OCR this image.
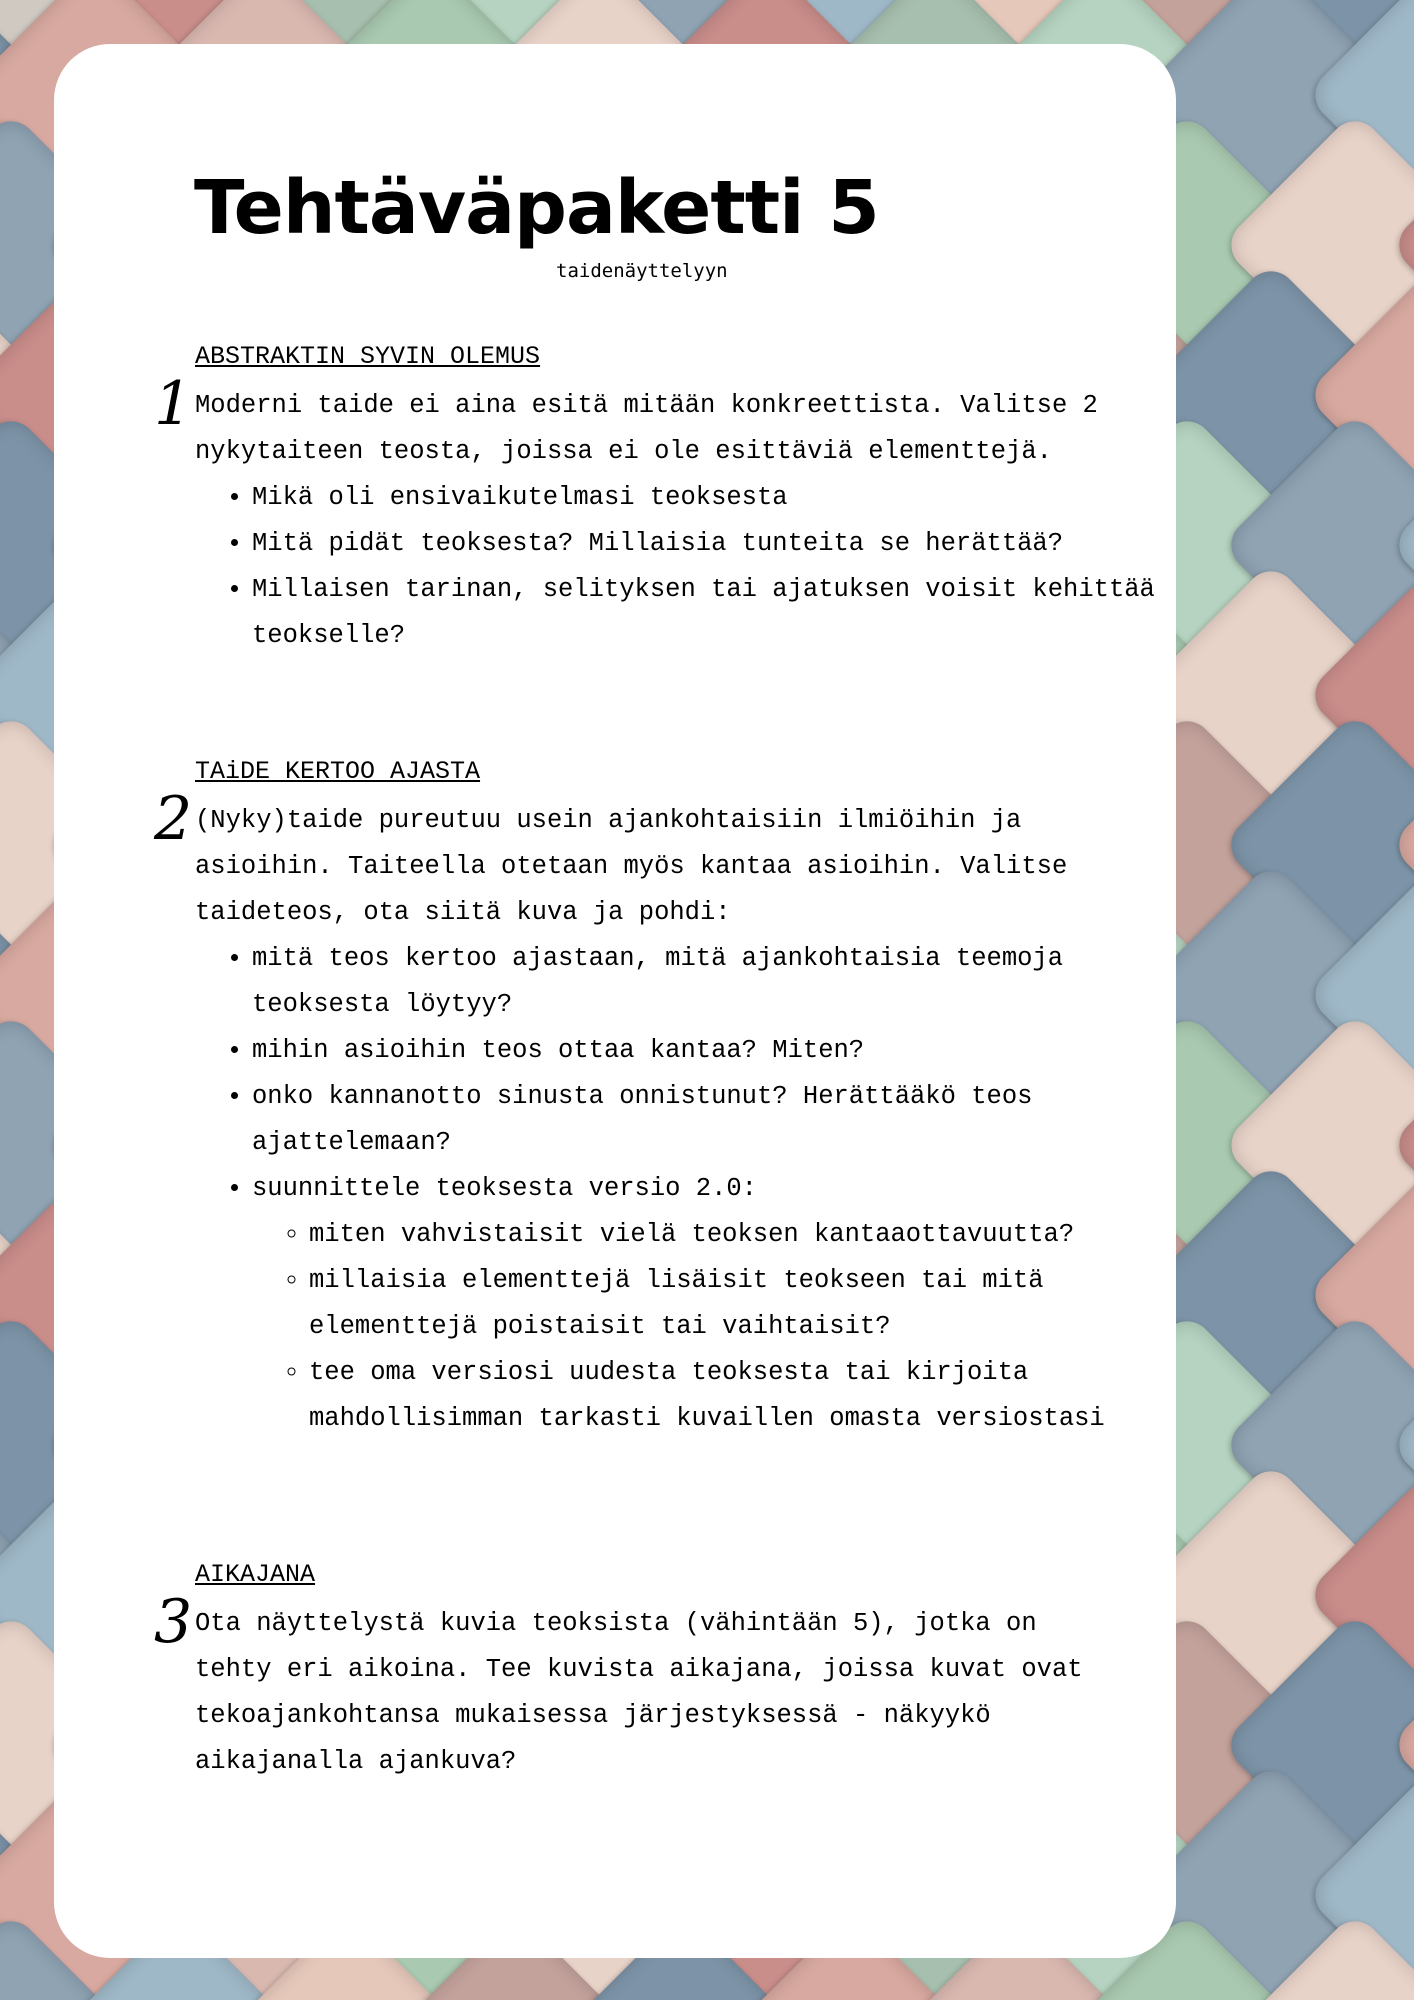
Tehtäväpaketti 5
taidenäyttelyyn
1
ABSTRAKTIN SYVIN OLEMUS

Moderni taide ei aina esitä mitään konkreettista. Valitse 2 nykytaiteen teosta, joissa ei ole esittäviä elementtejä.

• Mikä oli ensivaikutelmasi teoksesta
• Mitä pidät teoksesta? Millaisia tunteita se herättää?
• Millaisen tarinan, selityksen tai ajatuksen voisit kehittää teokselle?
2
TAiDE KERTOO AJASTA

(Nyky)taide pureutuu usein ajankohtaisiin ilmiöihin ja asioihin. Taiteella otetaan myös kantaa asioihin. Valitse taideteos, ota siitä kuva ja pohdi:

• mitä teos kertoo ajastaan, mitä ajankohtaisia teemoja teoksesta löytyy?
• mihin asioihin teos ottaa kantaa? Miten?
• onko kannanotto sinusta onnistunut? Herättääkö teos ajattelemaan?
• suunnittele teoksesta versio 2.0:
◦ miten vahvistaisit vielä teoksen kantaaottavuutta?
◦ millaisia elementtejä lisäisit teokseen tai mitä elementtejä poistaisit tai vaihtaisit?
◦ tee oma versiosi uudesta teoksesta tai kirjoita mahdollisimman tarkasti kuvaillen omasta versiostasi
3
AIKAJANA

Ota näyttelystä kuvia teoksista (vähintään 5), jotka on tehty eri aikoina. Tee kuvista aikajana, joissa kuvat ovat tekoajankohtansa mukaisessa järjestyksessä - näkyykö aikajanalla ajankuva?
